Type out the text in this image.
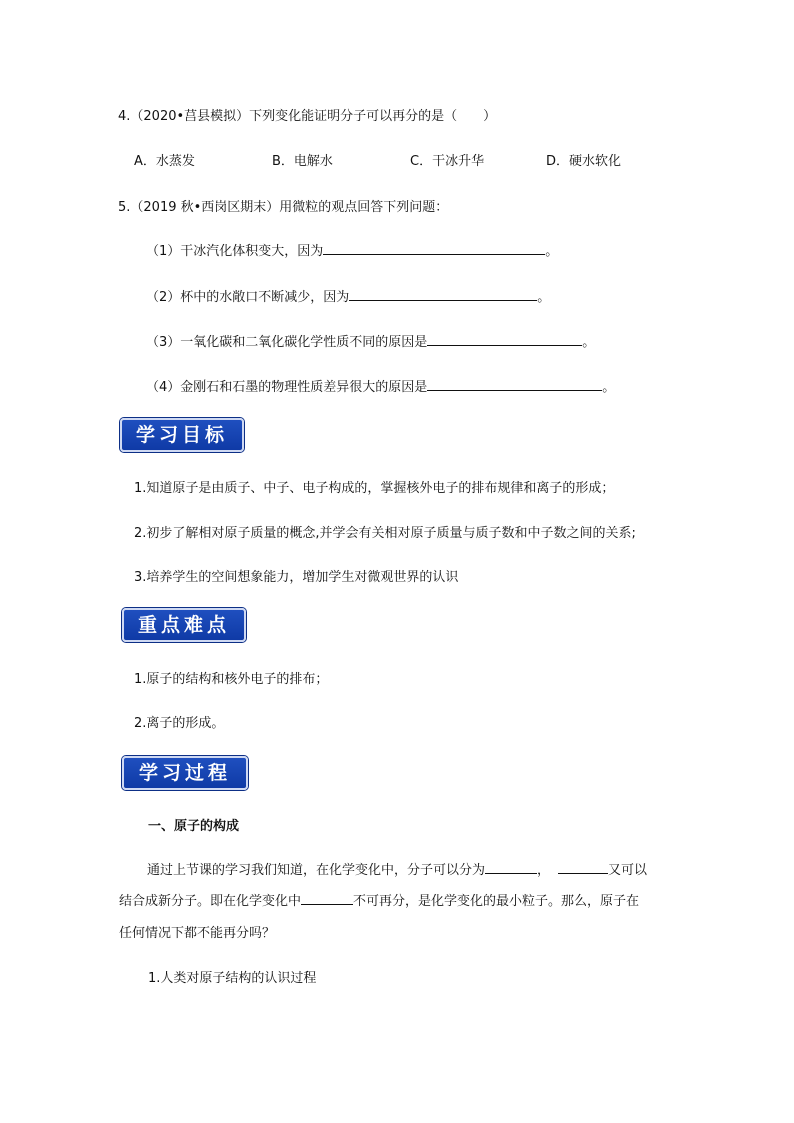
4.（2020•莒县模拟）下列变化能证明分子可以再分的是（　　）
A．水蒸发	B．电解水	C．干冰升华	D．硬水软化
5.（2019 秋•西岗区期末）用微粒的观点回答下列问题：
（1）干冰汽化体积变大，因为	。
（2）杯中的水敞口不断减少，因为	。
（3）一氧化碳和二氧化碳化学性质不同的原因是	。
（4）金刚石和石墨的物理性质差异很大的原因是	。
学习目标
1.知道原子是由质子、中子、电子构成的，掌握核外电子的排布规律和离子的形成；
2.初步了解相对原子质量的概念,并学会有关相对原子质量与质子数和中子数之间的关系;
3.培养学生的空间想象能力，增加学生对微观世界的认识
重点难点
1.原子的结构和核外电子的排布；
2.离子的形成。
学习过程
一、原子的构成
通过上节课的学习我们知道，在化学变化中，分子可以分为	，	又可以
结合成新分子。即在化学变化中	不可再分，是化学变化的最小粒子。那么，原子在
任何情况下都不能再分吗？
1.人类对原子结构的认识过程
